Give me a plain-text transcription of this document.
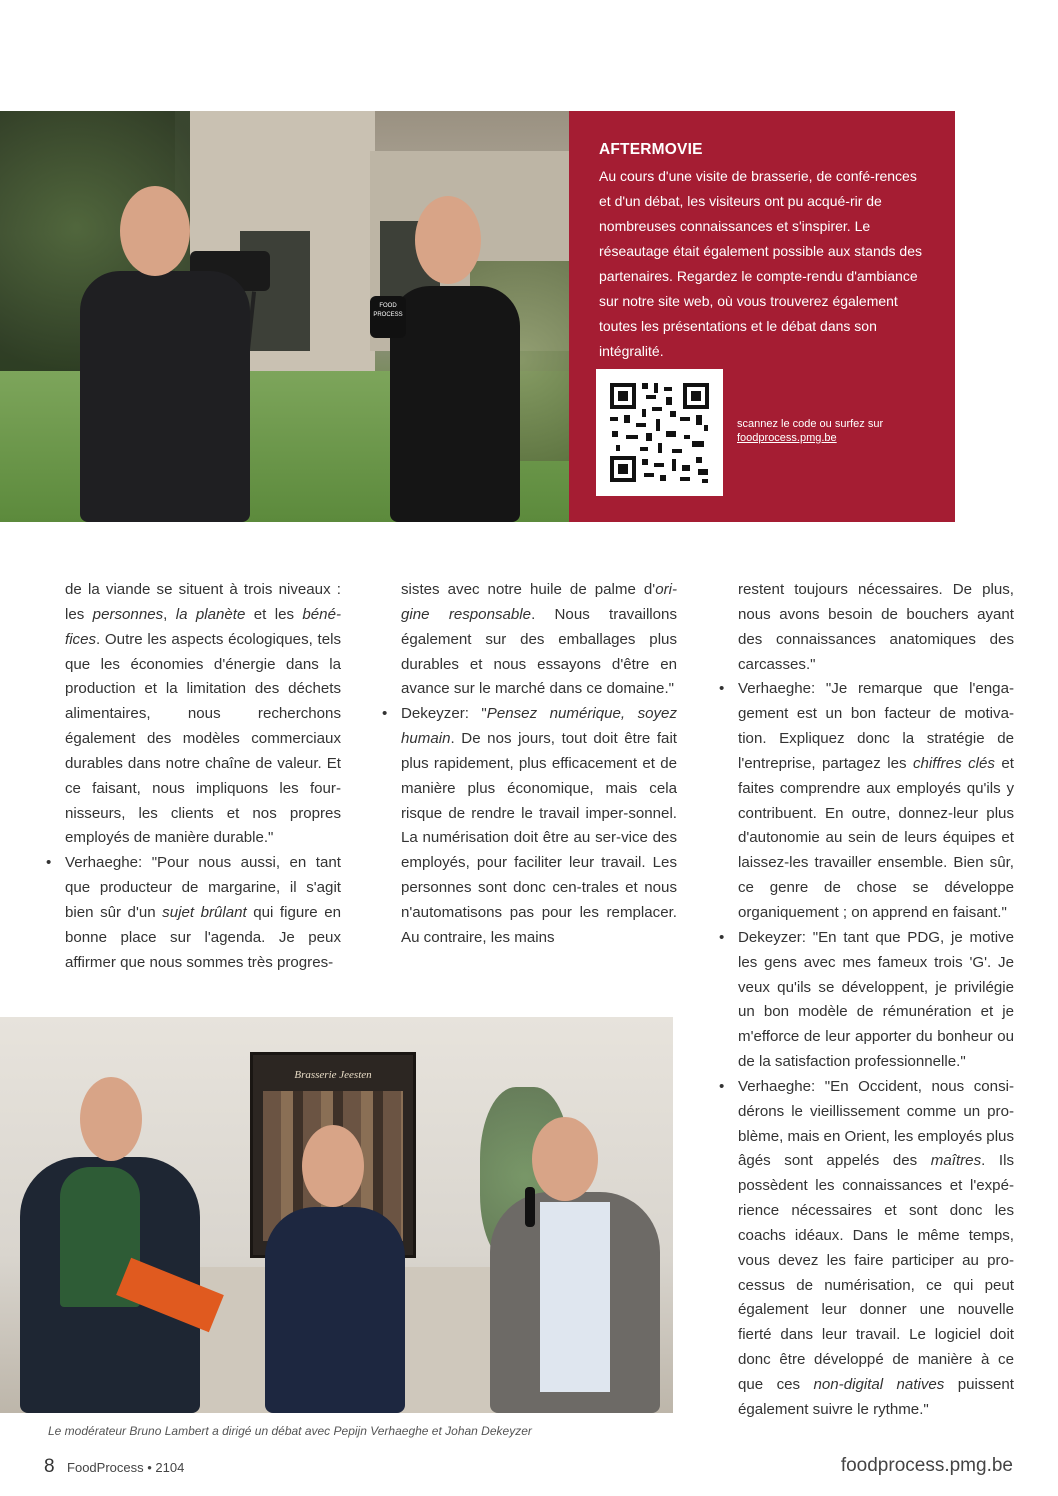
FOOD PROCESS
AFTERMOVIE
Au cours d'une visite de brasserie, de confé-rences et d'un débat, les visiteurs ont pu acqué-rir de nombreuses connaissances et s'inspirer. Le réseautage était également possible aux stands des partenaires. Regardez le compte-rendu d'ambiance sur notre site web, où vous trouverez également toutes les présentations et le débat dans son intégralité.
scannez le code ou surfez sur
foodprocess.pmg.be

de la viande se situent à trois niveaux : les personnes, la planète et les béné-fices. Outre les aspects écologiques, tels que les économies d'énergie dans la production et la limitation des déchets alimentaires, nous recherchons également des modèles commerciaux durables dans notre chaîne de valeur. Et ce faisant, nous impliquons les four-nisseurs, les clients et nos propres employés de manière durable."

• Verhaeghe: "Pour nous aussi, en tant que producteur de margarine, il s'agit bien sûr d'un sujet brûlant qui figure en bonne place sur l'agenda. Je peux affirmer que nous sommes très progres-

sistes avec notre huile de palme d'ori-gine responsable. Nous travaillons également sur des emballages plus durables et nous essayons d'être en avance sur le marché dans ce domaine."

• Dekeyzer: "Pensez numérique, soyez humain. De nos jours, tout doit être fait plus rapidement, plus efficacement et de manière plus économique, mais cela risque de rendre le travail imper-sonnel. La numérisation doit être au ser-vice des employés, pour faciliter leur travail. Les personnes sont donc cen-trales et nous n'automatisons pas pour les remplacer. Au contraire, les mains

restent toujours nécessaires. De plus, nous avons besoin de bouchers ayant des connaissances anatomiques des carcasses."

• Verhaeghe: "Je remarque que l'enga-gement est un bon facteur de motiva-tion. Expliquez donc la stratégie de l'entreprise, partagez les chiffres clés et faites comprendre aux employés qu'ils y contribuent. En outre, donnez-leur plus d'autonomie au sein de leurs équipes et laissez-les travailler ensemble. Bien sûr, ce genre de chose se développe organiquement ; on apprend en faisant."

• Dekeyzer: "En tant que PDG, je motive les gens avec mes fameux trois 'G'. Je veux qu'ils se développent, je privilégie un bon modèle de rémunération et je m'efforce de leur apporter du bonheur ou de la satisfaction professionnelle."

• Verhaeghe: "En Occident, nous consi-dérons le vieillissement comme un pro-blème, mais en Orient, les employés plus âgés sont appelés des maîtres. Ils possèdent les connaissances et l'expé-rience nécessaires et sont donc les coachs idéaux. Dans le même temps, vous devez les faire participer au pro-cessus de numérisation, ce qui peut également leur donner une nouvelle fierté dans leur travail. Le logiciel doit donc être développé de manière à ce que ces non-digital natives puissent également suivre le rythme."

Brasserie Jeesten
Le modérateur Bruno Lambert a dirigé un débat avec Pepijn Verhaeghe et Johan Dekeyzer
8 FoodProcess • 2104	foodprocess.pmg.be
